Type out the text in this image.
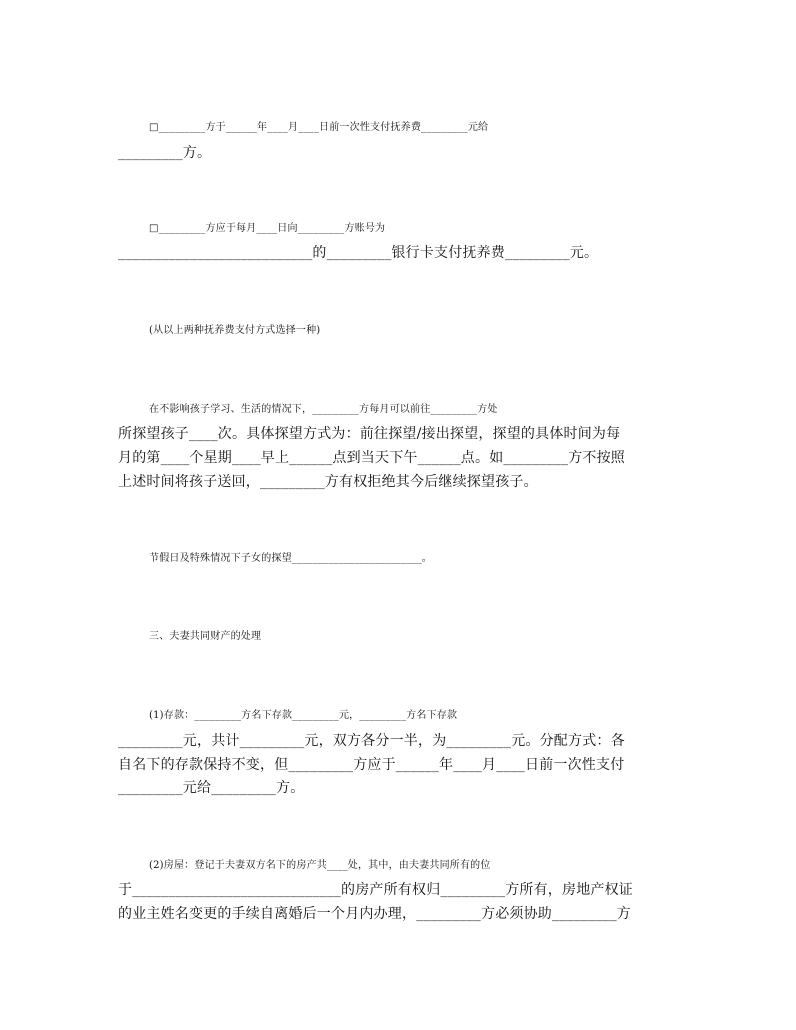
□_________方于______年____月____日前一次性支付抚养费_________元给
_________方。
□_________方应于每月____日向_________方账号为
___________________________的_________银行卡支付抚养费_________元。
(从以上两种抚养费支付方式选择一种)
在不影响孩子学习、生活的情况下，_________方每月可以前往_________方处
所探望孩子____次。具体探望方式为：前往探望/接出探望，探望的具体时间为每
月的第____个星期____早上______点到当天下午______点。如_________方不按照
上述时间将孩子送回，_________方有权拒绝其今后继续探望孩子。
节假日及特殊情况下子女的探望_________________________。
三、夫妻共同财产的处理
(1)存款：_________方名下存款_________元，_________方名下存款
_________元，共计_________元，双方各分一半，为_________元。分配方式：各
自名下的存款保持不变，但_________方应于______年____月____日前一次性支付
_________元给_________方。
(2)房屋：登记于夫妻双方名下的房产共____处，其中，由夫妻共同所有的位
于_____________________________的房产所有权归_________方所有，房地产权证
的业主姓名变更的手续自离婚后一个月内办理，_________方必须协助_________方
